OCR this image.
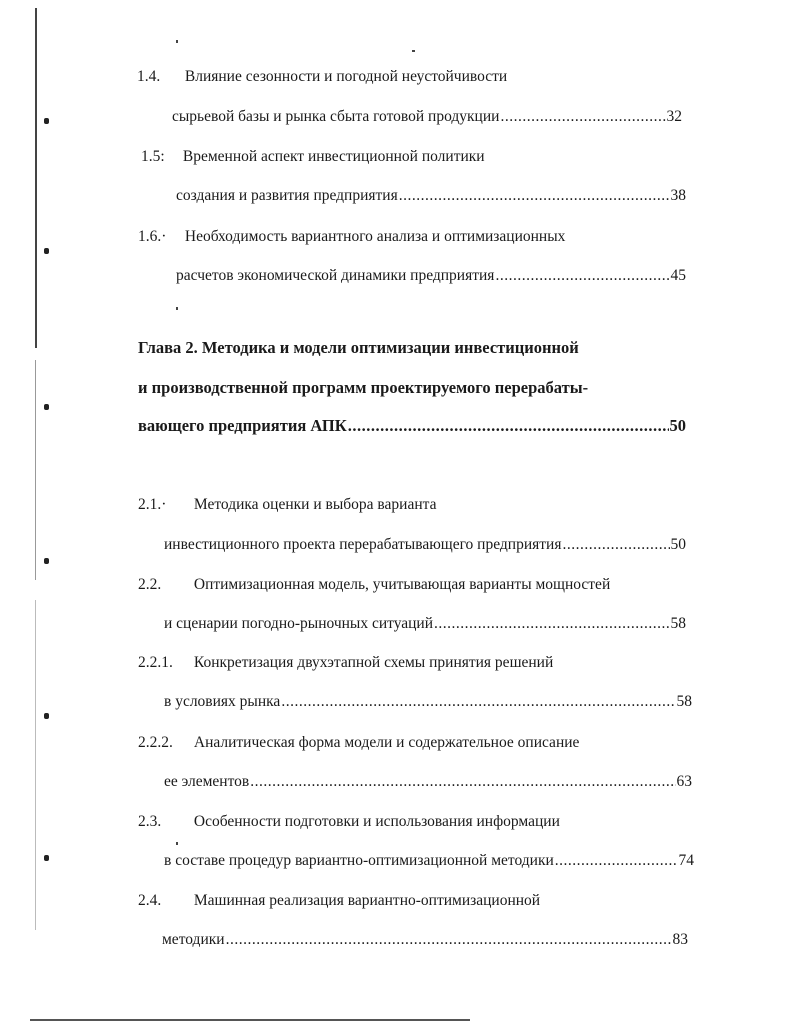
1.4. Влияние сезонности и погодной неустойчивости
сырьевой базы и рынка сбыта готовой продукции .....	32
1.5: Временной аспект инвестиционной политики
создания и развития предприятия .....	38
1.6.· Необходимость вариантного анализа и оптимизационных
расчетов экономической динамики предприятия .....	45
Глава 2. Методика и модели оптимизации инвестиционной
и производственной программ проектируемого перерабаты-
вающего предприятия АПК .....	50
2.1.· Методика оценки и выбора варианта
инвестиционного проекта перерабатывающего предприятия .....	50
2.2. Оптимизационная модель, учитывающая варианты мощностей
и сценарии погодно-рыночных ситуаций .....	58
2.2.1. Конкретизация двухэтапной схемы принятия решений
в условиях рынка .....	58
2.2.2. Аналитическая форма модели и содержательное описание
ее элементов .....	63
2.3. Особенности подготовки и использования информации
в составе процедур вариантно-оптимизационной методики .....	74
2.4. Машинная реализация вариантно-оптимизационной
методики .....	83
